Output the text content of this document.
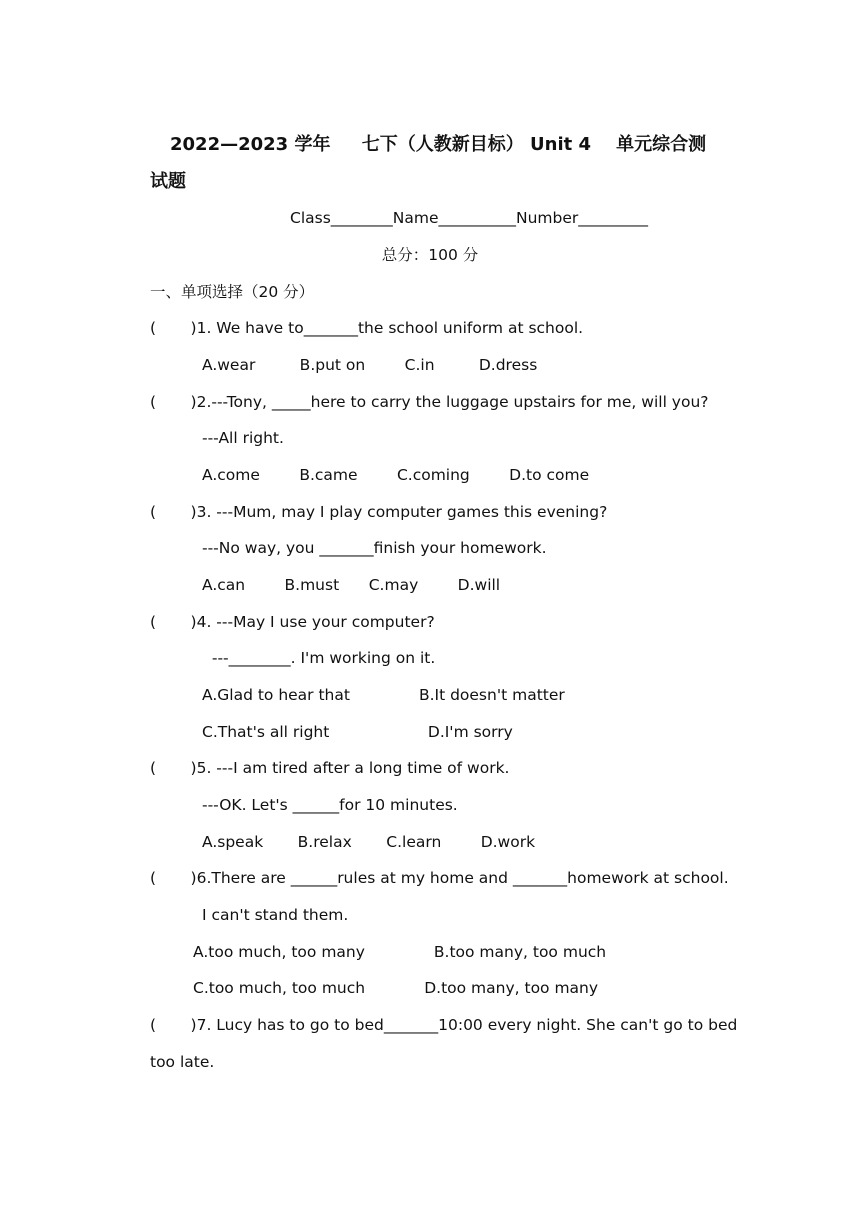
2022—2023 学年     七下（人教新目标） Unit 4    单元综合测
试题
Class________Name__________Number_________
总分：100 分
一、单项选择（20 分）
(       )1. We have to_______the school uniform at school.
A.wear         B.put on        C.in         D.dress
(       )2.---Tony, _____here to carry the luggage upstairs for me, will you?
---All right.
A.come        B.came        C.coming        D.to come
(       )3. ---Mum, may I play computer games this evening?
---No way, you _______finish your homework.
A.can        B.must      C.may        D.will
(       )4. ---May I use your computer?
---________. I'm working on it.
A.Glad to hear that              B.It doesn't matter
C.That's all right                    D.I'm sorry
(       )5. ---I am tired after a long time of work.
---OK. Let's ______for 10 minutes.
A.speak       B.relax       C.learn        D.work
(       )6.There are ______rules at my home and _______homework at school.
I can't stand them.
A.too much, too many              B.too many, too much
C.too much, too much            D.too many, too many
(       )7. Lucy has to go to bed_______10:00 every night. She can't go to bed
too late.
